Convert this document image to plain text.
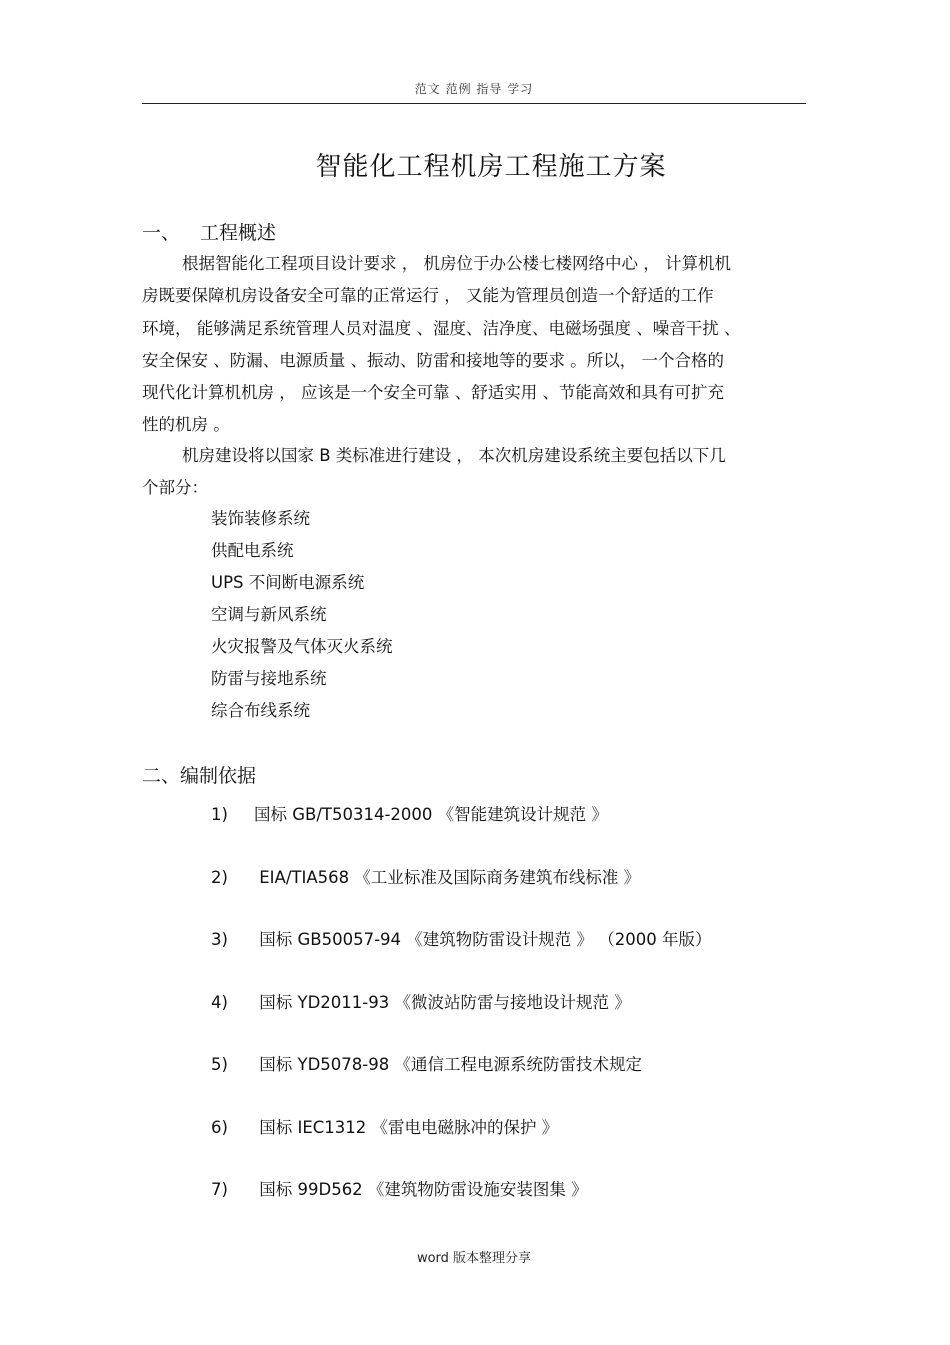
范文 范例 指导 学习
智能化工程机房工程施工方案
一、 工程概述
根据智能化工程项目设计要求 ， 机房位于办公楼七楼网络中心 ， 计算机机
房既要保障机房设备安全可靠的正常运行 ， 又能为管理员创造一个舒适的工作
环境， 能够满足系统管理人员对温度 、湿度、洁净度、电磁场强度 、噪音干扰 、
安全保安 、防漏、电源质量 、振动、防雷和接地等的要求 。所以， 一个合格的
现代化计算机机房 ， 应该是一个安全可靠 、舒适实用 、节能高效和具有可扩充
性的机房 。
机房建设将以国家 B 类标准进行建设 ， 本次机房建设系统主要包括以下几
个部分：
装饰装修系统
供配电系统
UPS 不间断电源系统
空调与新风系统
火灾报警及气体灭火系统
防雷与接地系统
综合布线系统
二、编制依据
1) 国标 GB/T50314-2000 《智能建筑设计规范 》
2) EIA/TIA568 《工业标准及国际商务建筑布线标准 》
3) 国标 GB50057-94 《建筑物防雷设计规范 》 （2000 年版）
4) 国标 YD2011-93 《微波站防雷与接地设计规范 》
5) 国标 YD5078-98 《通信工程电源系统防雷技术规定
6) 国标 IEC1312 《雷电电磁脉冲的保护 》
7) 国标 99D562 《建筑物防雷设施安装图集 》
word 版本整理分享
